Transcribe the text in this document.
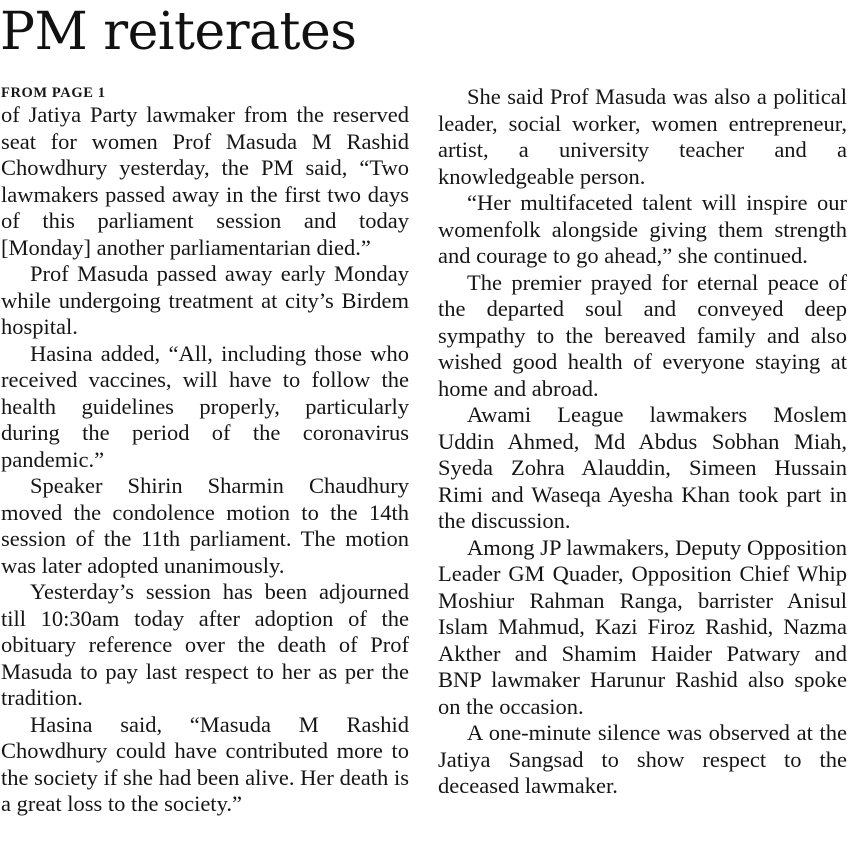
PM reiterates
FROM PAGE 1

of Jatiya Party lawmaker from the reserved seat for women Prof Masuda M Rashid Chowdhury yesterday, the PM said, “Two lawmakers passed away in the first two days of this parliament session and today [Monday] another parliamentarian died.”

Prof Masuda passed away early Monday while undergoing treatment at city’s Birdem hospital.

Hasina added, “All, including those who received vaccines, will have to follow the health guidelines properly, particularly during the period of the coronavirus pandemic.”

Speaker Shirin Sharmin Chaudhury moved the condolence motion to the 14th session of the 11th parliament. The motion was later adopted unanimously.

Yesterday’s session has been adjourned till 10:30am today after adoption of the obituary reference over the death of Prof Masuda to pay last respect to her as per the tradition.

Hasina said, “Masuda M Rashid Chowdhury could have contributed more to the society if she had been alive. Her death is a great loss to the society.”

She said Prof Masuda was also a political leader, social worker, women entrepreneur, artist, a university teacher and a knowledgeable person.

“Her multifaceted talent will inspire our womenfolk alongside giving them strength and courage to go ahead,” she continued.

The premier prayed for eternal peace of the departed soul and conveyed deep sympathy to the bereaved family and also wished good health of everyone staying at home and abroad.

Awami League lawmakers Moslem Uddin Ahmed, Md Abdus Sobhan Miah, Syeda Zohra Alauddin, Simeen Hussain Rimi and Waseqa Ayesha Khan took part in the discussion.

Among JP lawmakers, Deputy Opposition Leader GM Quader, Opposition Chief Whip Moshiur Rahman Ranga, barrister Anisul Islam Mahmud, Kazi Firoz Rashid, Nazma Akther and Shamim Haider Patwary and BNP lawmaker Harunur Rashid also spoke on the occasion.

A one-minute silence was observed at the Jatiya Sangsad to show respect to the deceased lawmaker.
